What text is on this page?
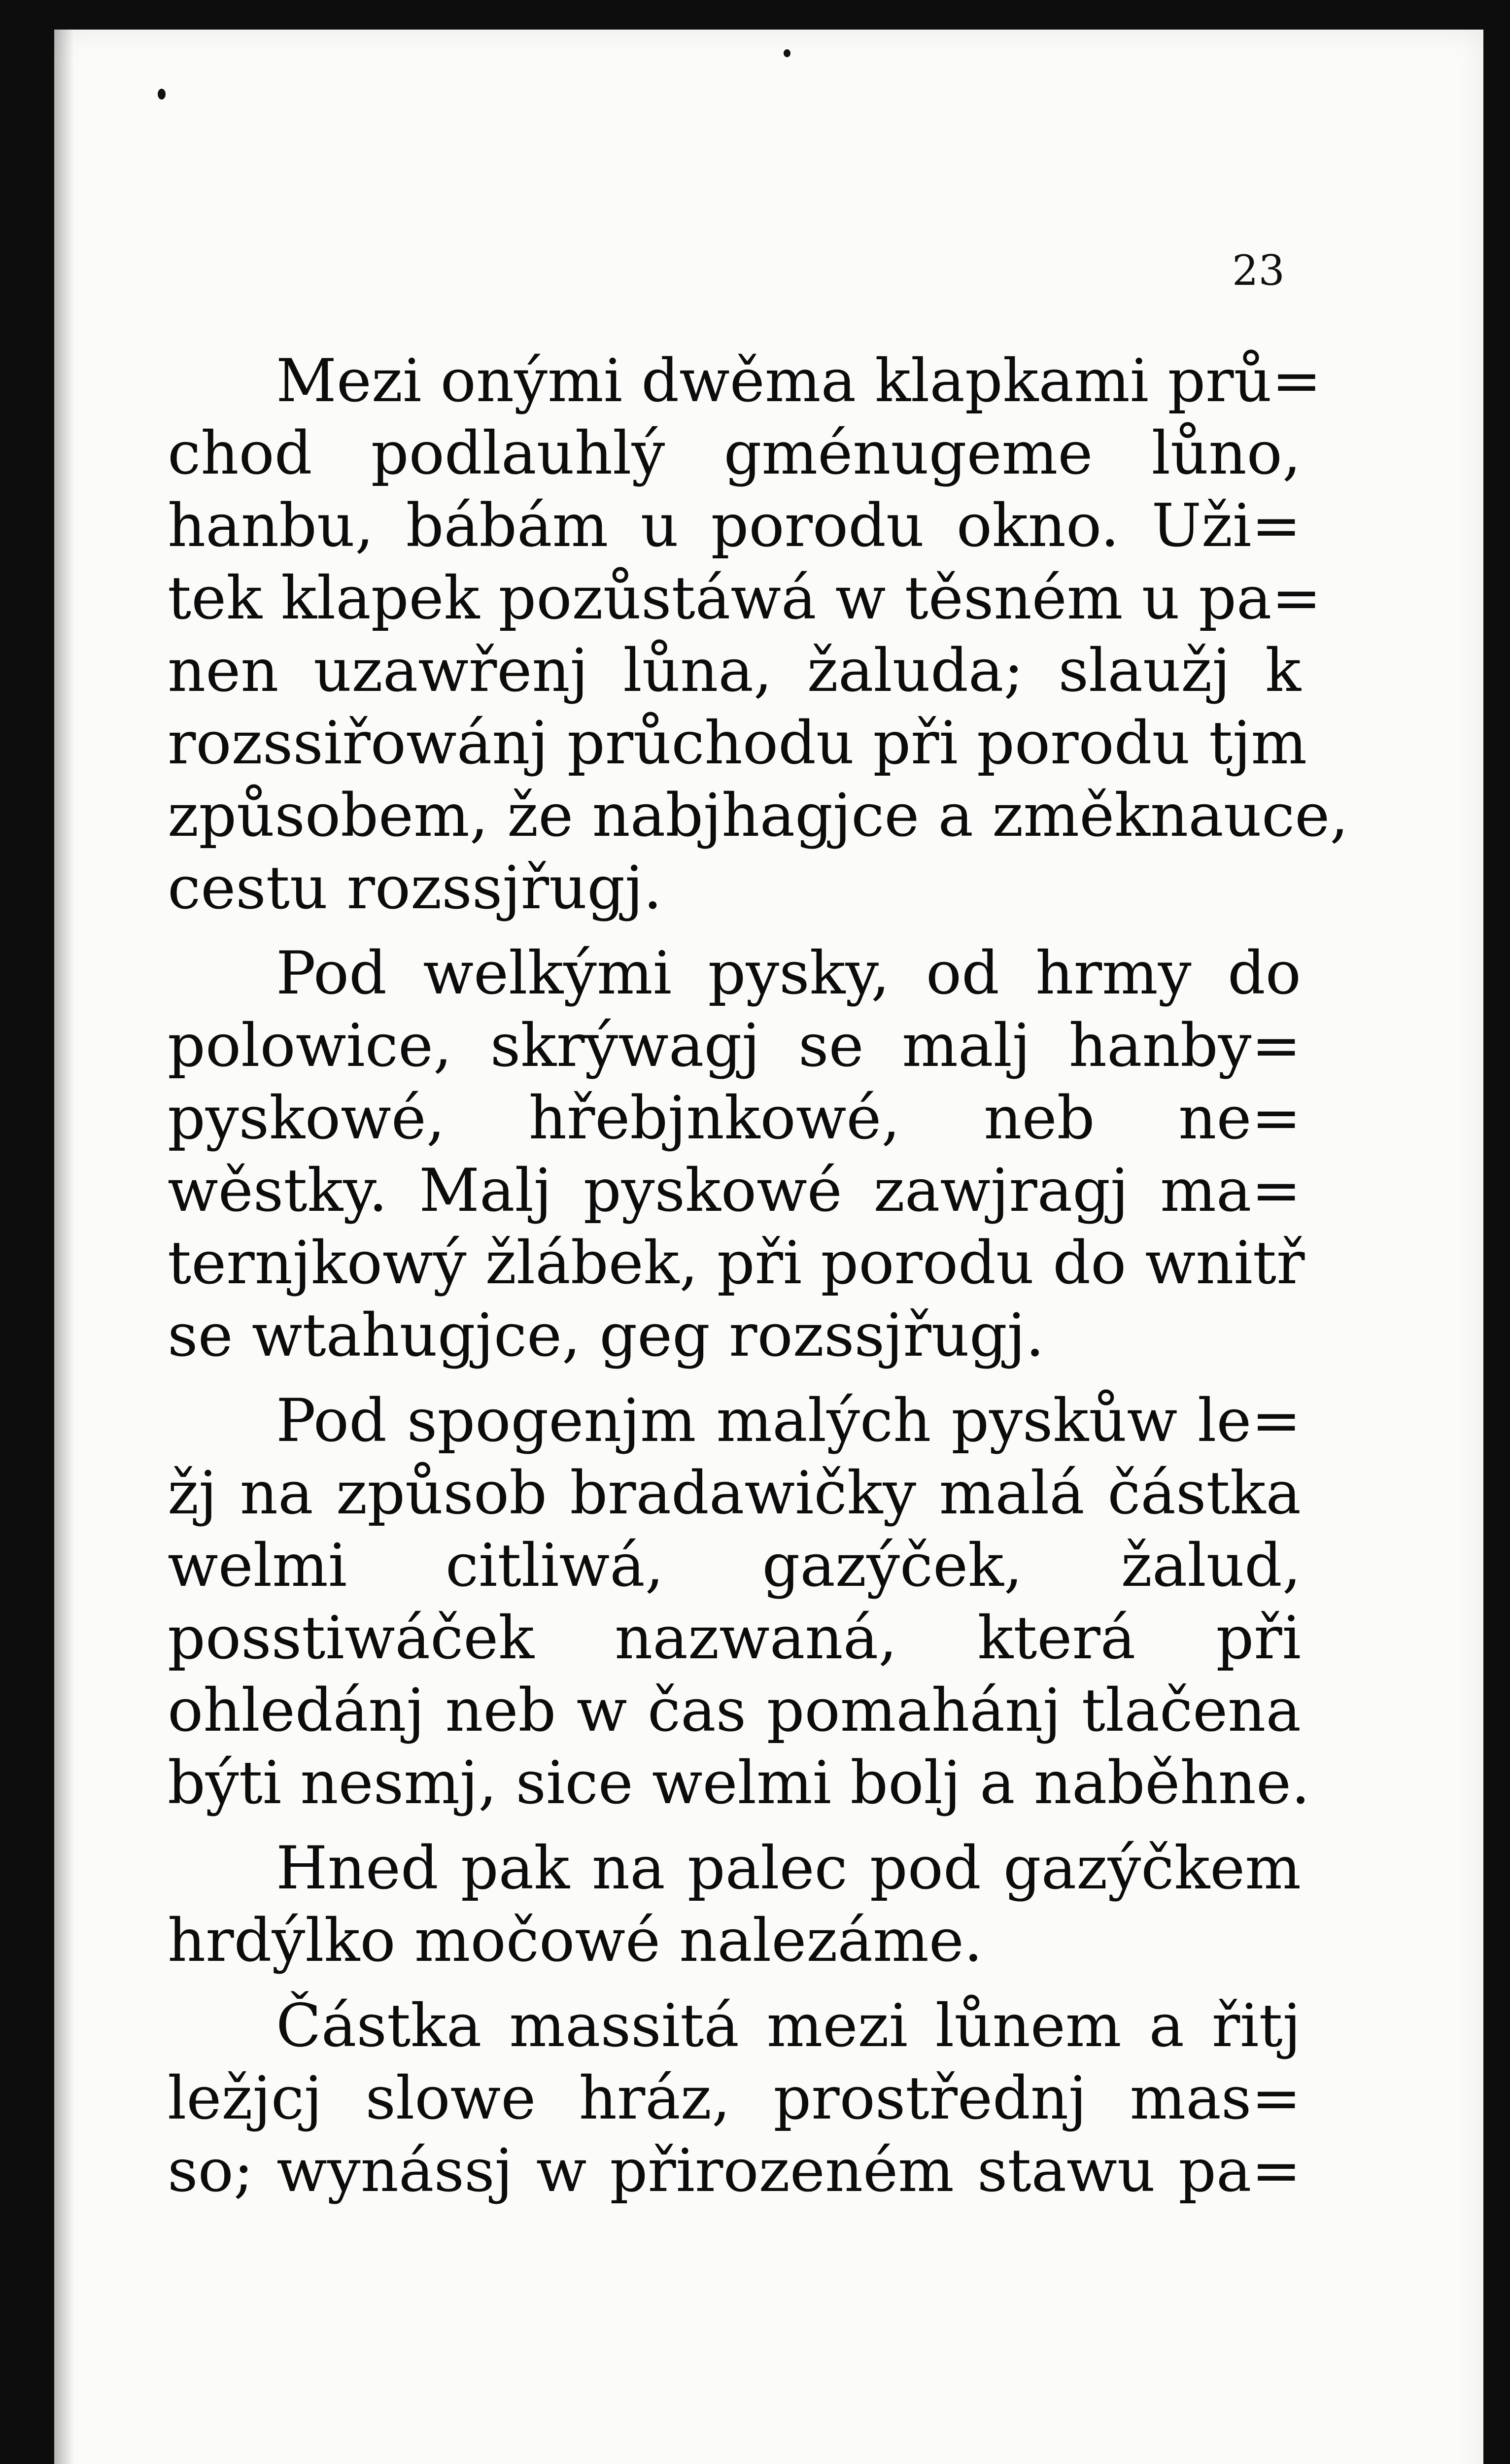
23
Mezi onými dwěma klapkami prů=
chod podlauhlý gménugeme lůno,
hanbu, bábám u porodu okno. Uži=
tek klapek pozůstáwá w těsném u pa=
nen uzawřenj lůna, žaluda; slaužj k
rozssiřowánj průchodu při porodu tjm
způsobem, že nabjhagjce a změknauce,
cestu rozssjřugj.
Pod welkými pysky, od hrmy do
polowice, skrýwagj se malj hanby=
pyskowé, hřebjnkowé, neb ne=
wěstky. Malj pyskowé zawjragj ma=
ternjkowý žlábek, při porodu do wnitř
se wtahugjce, geg rozssjřugj.
Pod spogenjm malých pyskůw le=
žj na způsob bradawičky malá částka
welmi citliwá, gazýček, žalud,
posstiwáček nazwaná, která při
ohledánj neb w čas pomahánj tlačena
býti nesmj, sice welmi bolj a naběhne.
Hned pak na palec pod gazýčkem
hrdýlko močowé nalezáme.
Částka massitá mezi lůnem a řitj
ležjcj slowe hráz, prostřednj mas=
so; wynássj w přirozeném stawu pa=
